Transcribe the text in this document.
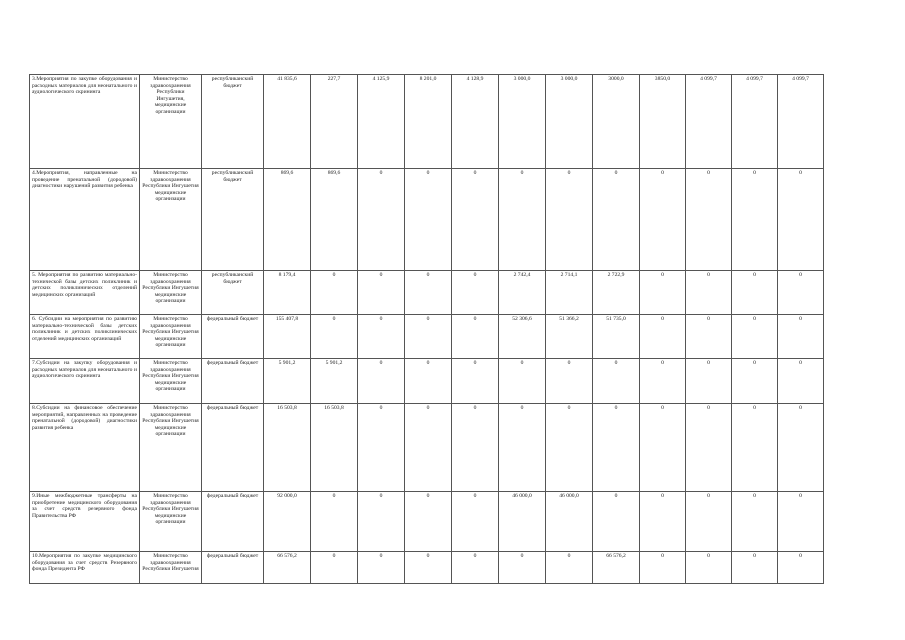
3.Мероприятия по закупке оборудования и расходных материалов для неонатального и аудиологического скрининга	Министерство здравоохранения Республики Ингушетия, медицинские организации	республиканский бюджет	41 835,6	227,7	4 125,9	8 201,0	4 128,9	3 000,0	3 000,0	3000,0	3850,0	4 099,7	4 099,7	4 099,7
4.Мероприятия, направленные на проведение пренатальной (дородовой) диагностики нарушений развития ребенка	Министерство здравоохранения Республики Ингушетия медицинские организации	республиканский бюджет	869,6	869,6	0	0	0	0	0	0	0	0	0	0
5. Мероприятия по развитию материально-технической базы детских поликлиник и детских поликлинических отделений медицинских организаций	Министерство здравоохранения Республики Ингушетия медицинские организации	республиканский бюджет	8 179,4	0	0	0	0	2 742,4	2 714,1	2 722,9	0	0	0	0
6. Субсидии на мероприятия по развитию материально-технической базы детских поликлиник и детских поликлинических отделений медицинских организаций	Министерство здравоохранения Республики Ингушетия медицинские организации	федеральный бюджет	155 407,8	0	0	0	0	52 306,6	51 366,2	51 735,0	0	0	0	0
7.Субсидии на закупку оборудования и расходных материалов для неонатального и аудиологического скрининга	Министерство здравоохранения Республики Ингушетия медицинские организации	федеральный бюджет	5 901,2	5 901,2	0	0	0	0	0	0	0	0	0	0
8.Субсидии на финансовое обеспечение мероприятий, направленных на проведение пренатальной (дородовой) диагностики развития ребенка	Министерство здравоохранения Республики Ингушетия медицинские организации	федеральный бюджет	16 503,8	16 503,8	0	0	0	0	0	0	0	0	0	0
9.Иные межбюджетные трансферты на приобретение медицинского оборудования за счет средств резервного фонда Правительства РФ	Министерство здравоохранения Республики Ингушетия медицинские организации	федеральный бюджет	92 000,0	0	0	0	0	46 000,0	46 000,0	0	0	0	0	0
10.Мероприятия по закупке медицинского оборудования за счет средств Резервного фонда Президента РФ	Министерство здравоохранения Республики Ингушетия	федеральный бюджет	66 576,2	0	0	0	0	0	0	66 576,2	0	0	0	0
